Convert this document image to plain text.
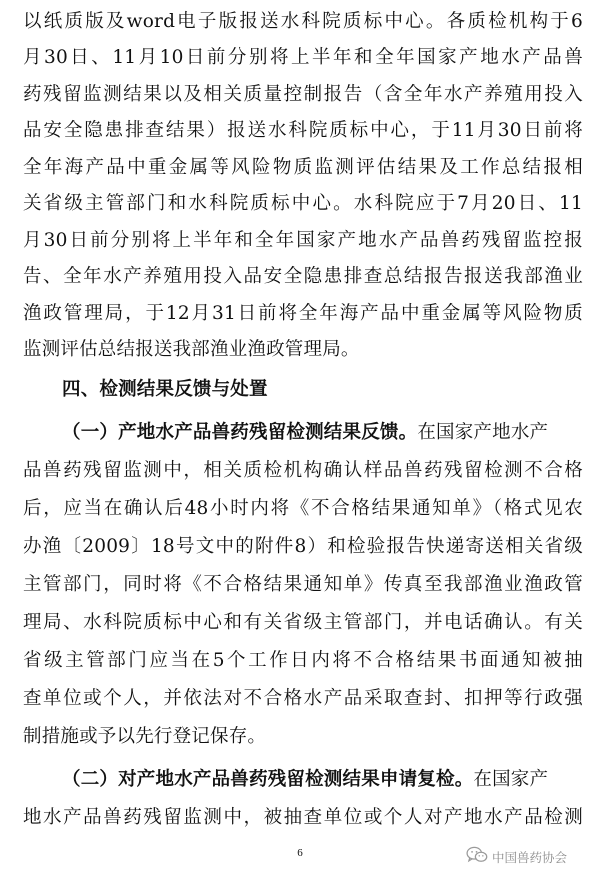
以纸质版及word电子版报送水科院质标中心。各质检机构于6
月30日、11月10日前分别将上半年和全年国家产地水产品兽
药残留监测结果以及相关质量控制报告（含全年水产养殖用投入
品安全隐患排查结果）报送水科院质标中心，于11月30日前将
全年海产品中重金属等风险物质监测评估结果及工作总结报相
关省级主管部门和水科院质标中心。水科院应于7月20日、11
月30日前分别将上半年和全年国家产地水产品兽药残留监控报
告、全年水产养殖用投入品安全隐患排查总结报告报送我部渔业
渔政管理局，于12月31日前将全年海产品中重金属等风险物质
监测评估总结报送我部渔业渔政管理局。
四、检测结果反馈与处置
（一）产地水产品兽药残留检测结果反馈。在国家产地水产
品兽药残留监测中，相关质检机构确认样品兽药残留检测不合格
后，应当在确认后48小时内将《不合格结果通知单》（格式见农
办渔〔2009〕18号文中的附件8）和检验报告快递寄送相关省级
主管部门，同时将《不合格结果通知单》传真至我部渔业渔政管
理局、水科院质标中心和有关省级主管部门，并电话确认。有关
省级主管部门应当在5个工作日内将不合格结果书面通知被抽
查单位或个人，并依法对不合格水产品采取查封、扣押等行政强
制措施或予以先行登记保存。
（二）对产地水产品兽药残留检测结果申请复检。在国家产
地水产品兽药残留监测中，被抽查单位或个人对产地水产品检测
6	中国兽药协会
